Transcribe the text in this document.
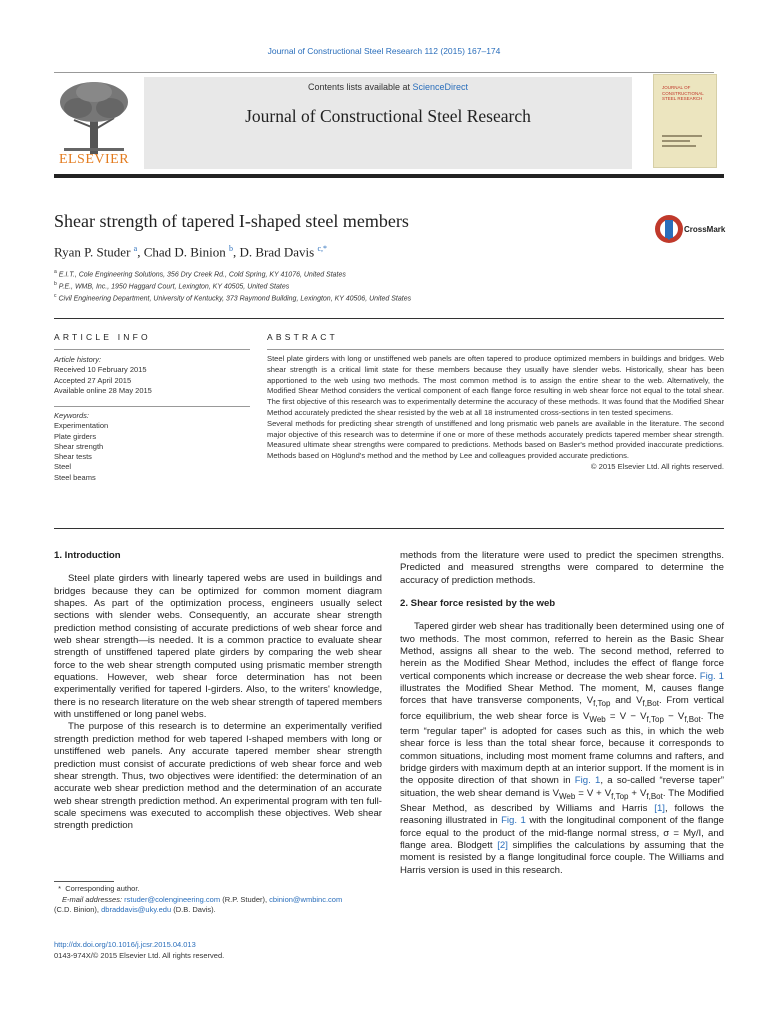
Journal of Constructional Steel Research 112 (2015) 167–174
ELSEVIER
Contents lists available at ScienceDirect
Journal of Constructional Steel Research
JOURNAL OF CONSTRUCTIONAL STEEL RESEARCH
Shear strength of tapered I-shaped steel members	CrossMark
Ryan P. Studer $^a$, Chad D. Binion $^b$, D. Brad Davis $^{c,*}$
$^a$ E.I.T., Cole Engineering Solutions, 356 Dry Creek Rd., Cold Spring, KY 41076, United States
$^b$ P.E., WMB, Inc., 1950 Haggard Court, Lexington, KY 40505, United States
$^c$ Civil Engineering Department, University of Kentucky, 373 Raymond Building, Lexington, KY 40506, United States
ARTICLE INFO
Article history:
Received 10 February 2015
Accepted 27 April 2015
Available online 28 May 2015
Keywords:
Experimentation
Plate girders
Shear strength
Shear tests
Steel
Steel beams
ABSTRACT

Steel plate girders with long or unstiffened web panels are often tapered to produce optimized members in buildings and bridges. Web shear strength is a critical limit state for these members because they usually have slender webs. Historically, shear has been apportioned to the web using two methods. The most common method is to assign the entire shear to the web. Alternatively, the Modified Shear Method considers the vertical component of each flange force resulting in web shear force not equal to the total shear. The first objective of this research was to experimentally determine the accuracy of these methods. It was found that the Modified Shear Method accurately predicted the shear resisted by the web at all 18 instrumented cross-sections in ten tested specimens.

Several methods for predicting shear strength of unstiffened and long prismatic web panels are available in the literature. The second major objective of this research was to determine if one or more of these methods accurately predicts tapered member shear strength. Measured ultimate shear strengths were compared to predictions. Methods based on Basler's method provided inaccurate predictions. Methods based on Höglund's method and the method by Lee and colleagues provided accurate predictions.

© 2015 Elsevier Ltd. All rights reserved.

1. Introduction

Steel plate girders with linearly tapered webs are used in buildings and bridges because they can be optimized for common moment diagram shapes. As part of the optimization process, engineers usually select sections with slender webs. Consequently, an accurate shear strength prediction method consisting of accurate predictions of web shear force and web shear strength—is needed. It is a common practice to evaluate shear strength of unstiffened tapered plate girders by comparing the web shear force to the web shear strength computed using prismatic member strength equations. However, web shear force determination has not been experimentally verified for tapered I-girders. Also, to the writers' knowledge, there is no research literature on the web shear strength of tapered members with unstiffened or long panel webs.

The purpose of this research is to determine an experimentally verified strength prediction method for web tapered I-shaped members with long or unstiffened web panels. Any accurate tapered member shear strength prediction must consist of accurate predictions of web shear force and web shear strength. Thus, two objectives were identified: the determination of an accurate web shear prediction method and the determination of an accurate web shear strength prediction method. An experimental program with ten full-scale specimens was executed to accomplish these objectives. Web shear strength prediction

methods from the literature were used to predict the specimen strengths. Predicted and measured strengths were compared to determine the accuracy of prediction methods.

2. Shear force resisted by the web

Tapered girder web shear has traditionally been determined using one of two methods. The most common, referred to herein as the Basic Shear Method, assigns all shear to the web. The second method, referred to herein as the Modified Shear Method, includes the effect of flange force vertical components which increase or decrease the web shear force. Fig. 1 illustrates the Modified Shear Method. The moment, M, causes flange forces that have transverse components, $V_{f,Top}$ and $V_{f,Bot}$. From vertical force equilibrium, the web shear force is $V_{Web} = V - V_{f,Top} - V_{f,Bot}$. The term “regular taper” is adopted for cases such as this, in which the web shear force is less than the total shear force, because it corresponds to common situations, including most moment frame columns and rafters, and bridge girders with maximum depth at an interior support. If the moment is in the opposite direction of that shown in Fig. 1, a so-called “reverse taper” situation, the web shear demand is $V_{Web} = V + V_{f,Top} + V_{f,Bot}$. The Modified Shear Method, as described by Williams and Harris [1], follows the reasoning illustrated in Fig. 1 with the longitudinal component of the flange force equal to the product of the mid-flange normal stress, σ = My/I, and flange area. Blodgett [2] simplifies the calculations by assuming that the moment is resisted by a flange longitudinal force couple. The Williams and Harris version is used in this research.

*  Corresponding author.
E-mail addresses: rstuder@colengineering.com (R.P. Studer), cbinion@wmbinc.com
(C.D. Binion), dbraddavis@uky.edu (D.B. Davis).
http://dx.doi.org/10.1016/j.jcsr.2015.04.013
0143-974X/© 2015 Elsevier Ltd. All rights reserved.
